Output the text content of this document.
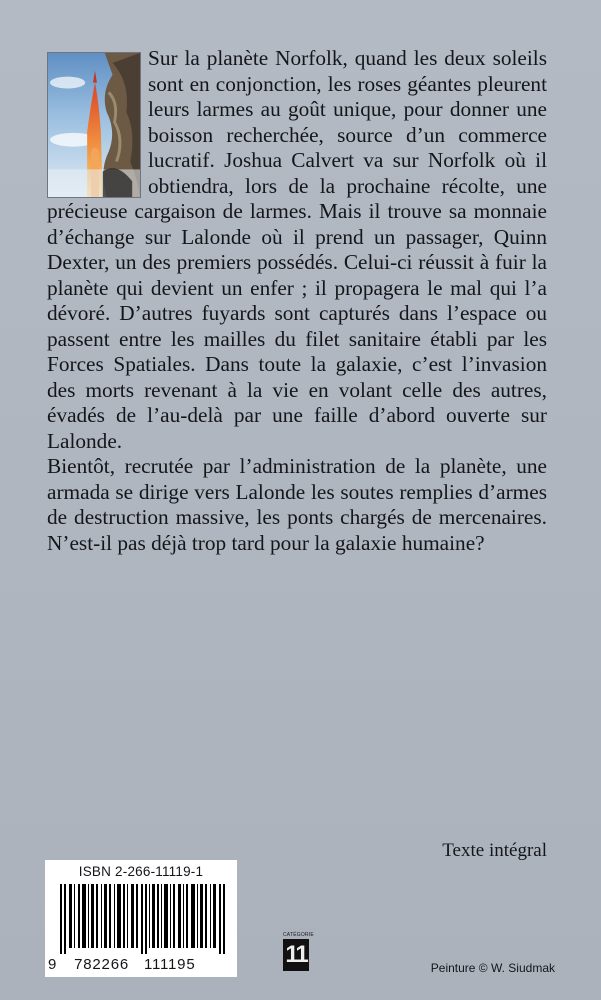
Sur la planète Norfolk, quand les deux soleils sont en conjonction, les roses géantes pleurent leurs larmes au goût unique, pour donner une boisson recherchée, source d’un commerce lucratif. Joshua Calvert va sur Norfolk où il obtiendra, lors de la prochaine récolte, une précieuse cargaison de larmes. Mais il trouve sa monnaie d’échange sur Lalonde où il prend un passager, Quinn Dexter, un des premiers possédés. Celui-ci réussit à fuir la planète qui devient un enfer ; il propagera le mal qui l’a dévoré. D’autres fuyards sont capturés dans l’espace ou passent entre les mailles du filet sanitaire établi par les Forces Spatiales. Dans toute la galaxie, c’est l’invasion des morts revenant à la vie en volant celle des autres, évadés de l’au-delà par une faille d’abord ouverte sur Lalonde.

Bientôt, recrutée par l’administration de la planète, une armada se dirige vers Lalonde les soutes remplies d’armes de destruction massive, les ponts chargés de mercenaires. N’est-il pas déjà trop tard pour la galaxie humaine?

Texte intégral
ISBN 2-266-11119-1
9 782266 111195
CATÉGORIE
11	Peinture © W. Siudmak
